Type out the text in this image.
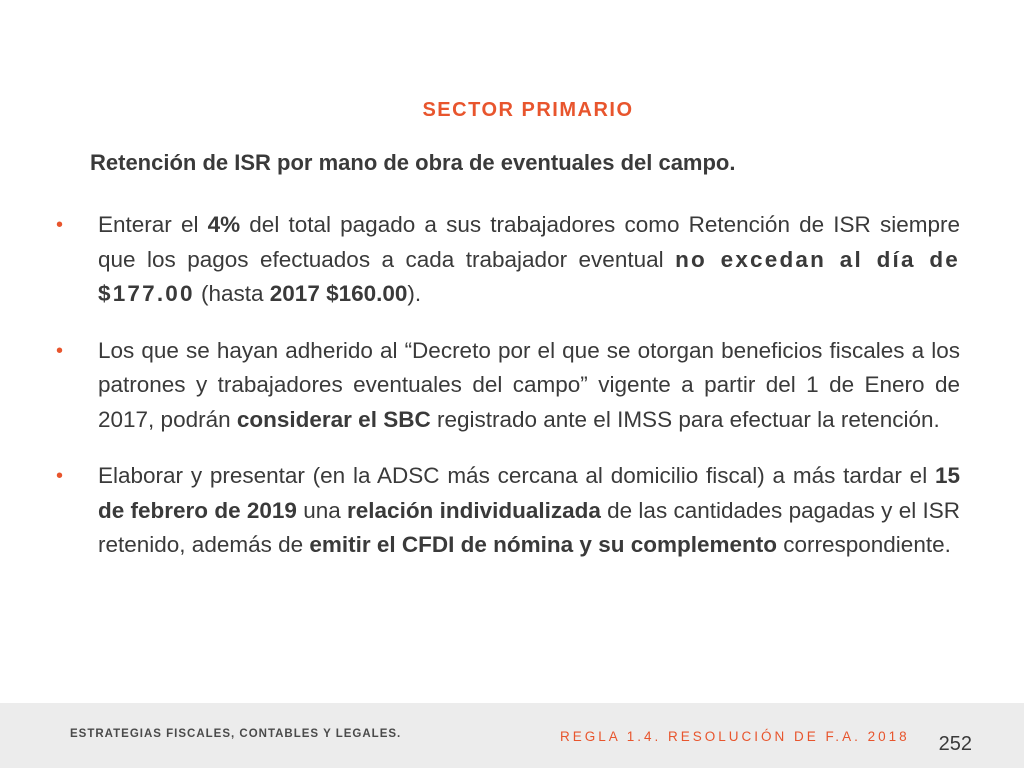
SECTOR PRIMARIO
Retención de ISR por mano de obra de eventuales del campo.
• Enterar el 4% del total pagado a sus trabajadores como Retención de ISR siempre que los pagos efectuados a cada trabajador eventual no excedan al día de $177.00 (hasta 2017 $160.00).
• Los que se hayan adherido al “Decreto por el que se otorgan beneficios fiscales a los patrones y trabajadores eventuales del campo” vigente a partir del 1 de Enero de 2017, podrán considerar el SBC registrado ante el IMSS para efectuar la retención.
• Elaborar y presentar (en la ADSC más cercana al domicilio fiscal) a más tardar el 15 de febrero de 2019 una relación individualizada de las cantidades pagadas y el ISR retenido, además de emitir el CFDI de nómina y su complemento correspondiente.
ESTRATEGIAS FISCALES, CONTABLES Y LEGALES.	REGLA 1.4. RESOLUCIÓN DE F.A. 2018 252
